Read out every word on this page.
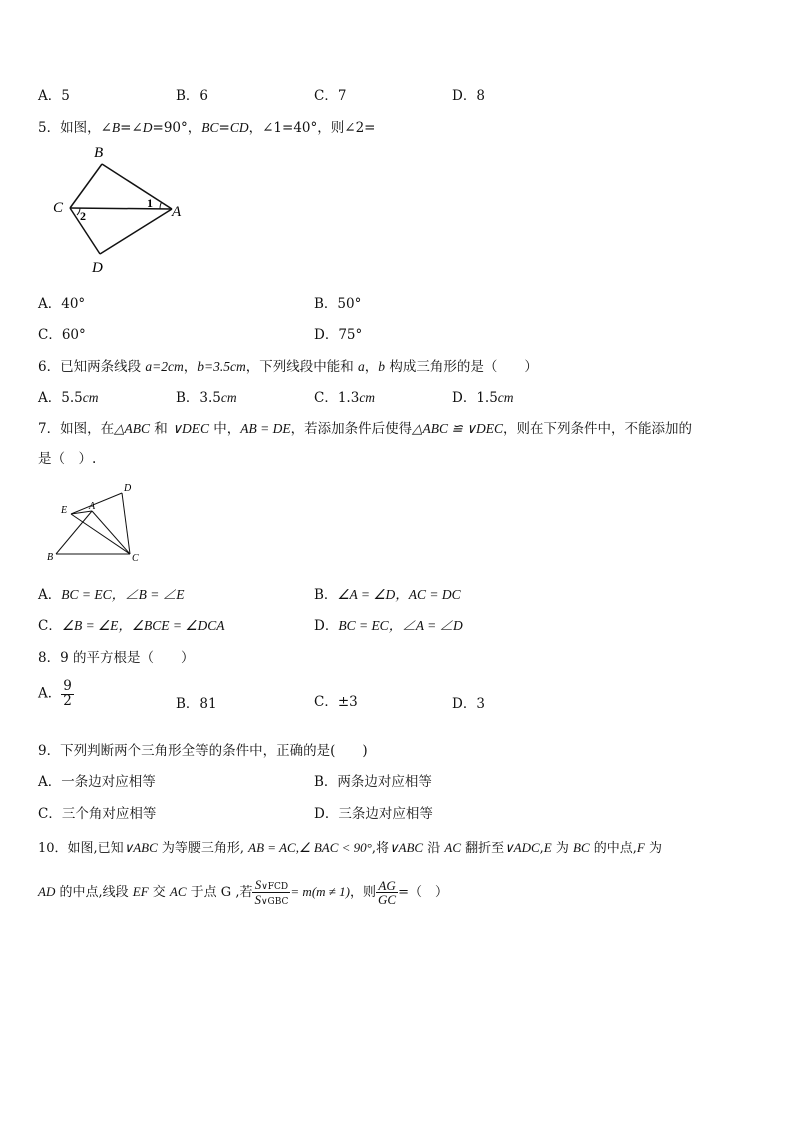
A．5	B．6	C．7	D．8
5．如图，∠B=∠D=90°，BC=CD，∠1=40°，则∠2=
B
C	A
D
1
2
A．40°	B．50°
C．60°	D．75°
6．已知两条线段 a=2cm，b=3.5cm，下列线段中能和 a，b 构成三角形的是（　　）
A．5.5cm	B．3.5cm	C．1.3cm	D．1.5cm
7．如图，在△ABC 和 ∨DEC 中，AB = DE，若添加条件后使得△ABC ≌ ∨DEC，则在下列条件中，不能添加的
是（　）.
D
E A
B	C
A．BC = EC，∠B = ∠E	B．∠A = ∠D，AC = DC
C．∠B = ∠E，∠BCE = ∠DCA	D．BC = EC，∠A = ∠D
8．9 的平方根是（　　）
A． $\frac{9}{2}$	B．81	C．±3	D．3
9．下列判断两个三角形全等的条件中，正确的是(　　)
A．一条边对应相等	B．两条边对应相等
C．三个角对应相等	D．三条边对应相等
10．如图,已知∨ABC 为等腰三角形, AB = AC,∠ BAC < 90°,将∨ABC 沿 AC 翻折至∨ADC,E 为 BC 的中点,F 为
AD 的中点,线段 EF 交 AC 于点 G ,若 $\frac{\text{S∨FCD}}{\text{S∨GBC}} = m(m \ne 1)$，则 $\frac{AG}{GC}$ =（　）
